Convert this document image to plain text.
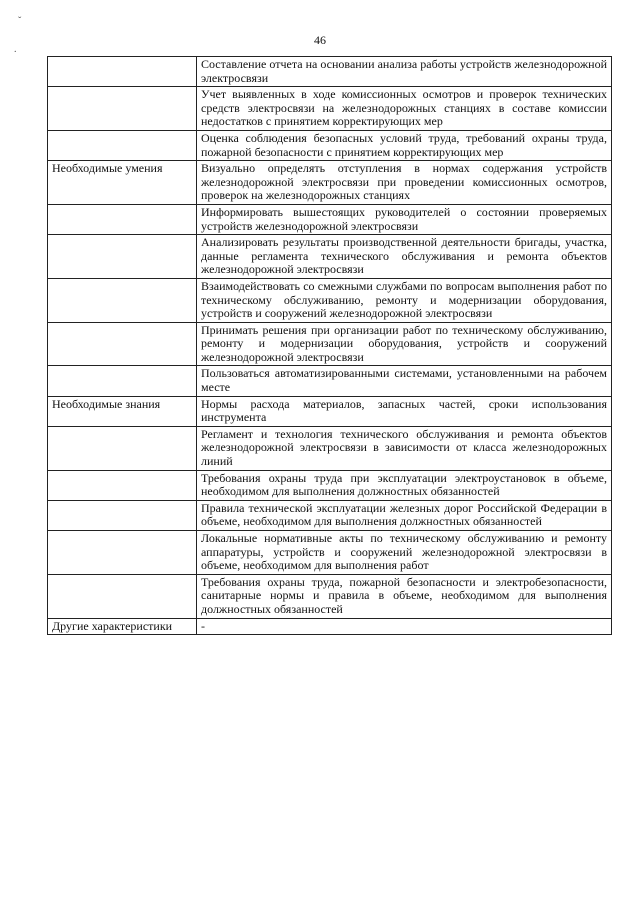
ˇ
.
46
	Составление отчета на основании анализа работы устройств железнодорожной электросвязи
	Учет выявленных в ходе комиссионных осмотров и проверок технических средств электросвязи на железнодорожных станциях в составе комиссии недостатков с принятием корректирующих мер
	Оценка соблюдения безопасных условий труда, требований охраны труда, пожарной безопасности с принятием корректирующих мер
Необходимые умения	Визуально определять отступления в нормах содержания устройств железнодорожной электросвязи при проведении комиссионных осмотров, проверок на железнодорожных станциях
	Информировать вышестоящих руководителей о состоянии проверяемых устройств железнодорожной электросвязи
	Анализировать результаты производственной деятельности бригады, участка, данные регламента технического обслуживания и ремонта объектов железнодорожной электросвязи
	Взаимодействовать со смежными службами по вопросам выполнения работ по техническому обслуживанию, ремонту и модернизации оборудования, устройств и сооружений железнодорожной электросвязи
	Принимать решения при организации работ по техническому обслуживанию, ремонту и модернизации оборудования, устройств и сооружений железнодорожной электросвязи
	Пользоваться автоматизированными системами, установленными на рабочем месте
Необходимые знания	Нормы расхода материалов, запасных частей, сроки использования инструмента
	Регламент и технология технического обслуживания и ремонта объектов железнодорожной электросвязи в зависимости от класса железнодорожных линий
	Требования охраны труда при эксплуатации электроустановок в объеме, необходимом для выполнения должностных обязанностей
	Правила технической эксплуатации железных дорог Российской Федерации в объеме, необходимом для выполнения должностных обязанностей
	Локальные нормативные акты по техническому обслуживанию и ремонту аппаратуры, устройств и сооружений железнодорожной электросвязи в объеме, необходимом для выполнения работ
	Требования охраны труда, пожарной безопасности и электробезопасности, санитарные нормы и правила в объеме, необходимом для выполнения должностных обязанностей
Другие характеристики	-
